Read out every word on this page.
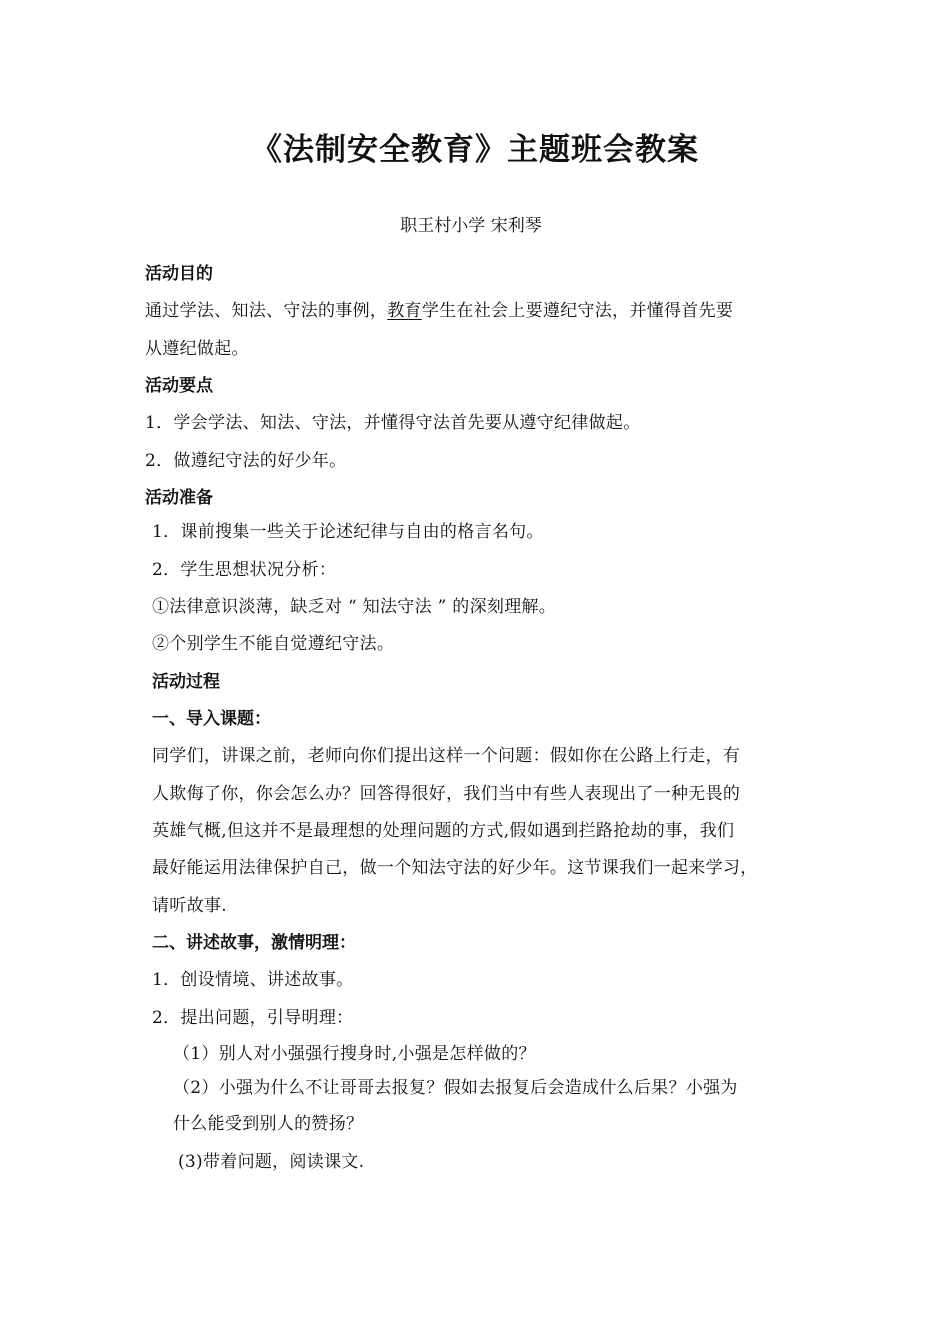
《法制安全教育》主题班会教案
职王村小学 宋利琴
活动目的
通过学法、知法、守法的事例，教育学生在社会上要遵纪守法，并懂得首先要
从遵纪做起。
活动要点
1．学会学法、知法、守法，并懂得守法首先要从遵守纪律做起。
2．做遵纪守法的好少年。
活动准备
1．课前搜集一些关于论述纪律与自由的格言名句。
2．学生思想状况分析：
①法律意识淡薄，缺乏对 “ 知法守法 ” 的深刻理解。
②个别学生不能自觉遵纪守法。
活动过程
一、导入课题：
同学们，讲课之前，老师向你们提出这样一个问题：假如你在公路上行走，有
人欺侮了你，你会怎么办？回答得很好，我们当中有些人表现出了一种无畏的
英雄气概,但这并不是最理想的处理问题的方式,假如遇到拦路抢劫的事，我们
最好能运用法律保护自己，做一个知法守法的好少年。这节课我们一起来学习，
请听故事.
二、讲述故事，激情明理：
1．创设情境、讲述故事。
2．提出问题，引导明理：
（1）别人对小强强行搜身时,小强是怎样做的？
（2）小强为什么不让哥哥去报复？假如去报复后会造成什么后果？小强为
什么能受到别人的赞扬？
(3)带着问题，阅读课文.
